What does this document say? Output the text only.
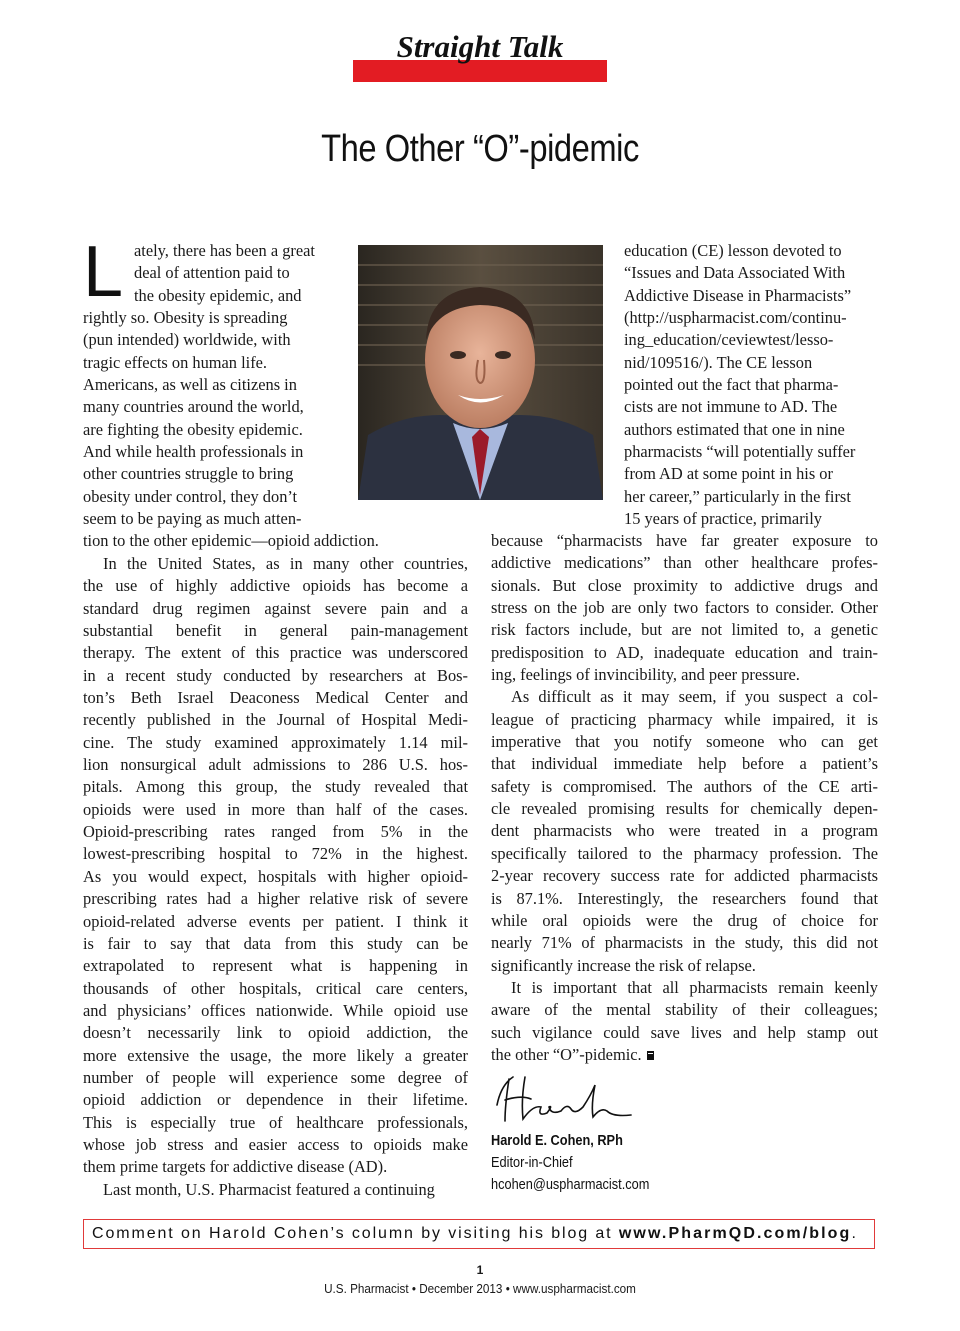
Straight Talk
The Other “O”-pidemic
L ately, there has been a great
deal of attention paid to
the obesity epidemic, and
rightly so. Obesity is spreading
(pun intended) worldwide, with
tragic effects on human life.
Americans, as well as citizens in
many countries around the world,
are fighting the obesity epidemic.
And while health professionals in
other countries struggle to bring
obesity under control, they don’t
seem to be paying as much atten-
tion to the other epidemic—opioid addiction.
In the United States, as in many other countries,
the use of highly addictive opioids has become a
standard drug regimen against severe pain and a
substantial benefit in general pain-management
therapy. The extent of this practice was underscored
in a recent study conducted by researchers at Bos-
ton’s Beth Israel Deaconess Medical Center and
recently published in the Journal of Hospital Medi-
cine. The study examined approximately 1.14 mil-
lion nonsurgical adult admissions to 286 U.S. hos-
pitals. Among this group, the study revealed that
opioids were used in more than half of the cases.
Opioid-prescribing rates ranged from 5% in the
lowest-prescribing hospital to 72% in the highest.
As you would expect, hospitals with higher opioid-
prescribing rates had a higher relative risk of severe
opioid-related adverse events per patient. I think it
is fair to say that data from this study can be
extrapolated to represent what is happening in
thousands of other hospitals, critical care centers,
and physicians’ offices nationwide. While opioid use
doesn’t necessarily link to opioid addiction, the
more extensive the usage, the more likely a greater
number of people will experience some degree of
opioid addiction or dependence in their lifetime.
This is especially true of healthcare professionals,
whose job stress and easier access to opioids make
them prime targets for addictive disease (AD).
Last month, U.S. Pharmacist featured a continuing
education (CE) lesson devoted to
“Issues and Data Associated With
Addictive Disease in Pharmacists”
(http://uspharmacist.com/continu-
ing_education/ceviewtest/lesso-
nid/109516/). The CE lesson
pointed out the fact that pharma-
cists are not immune to AD. The
authors estimated that one in nine
pharmacists “will potentially suffer
from AD at some point in his or
her career,” particularly in the first
15 years of practice, primarily
because “pharmacists have far greater exposure to
addictive medications” than other healthcare profes-
sionals. But close proximity to addictive drugs and
stress on the job are only two factors to consider. Other
risk factors include, but are not limited to, a genetic
predisposition to AD, inadequate education and train-
ing, feelings of invincibility, and peer pressure.
As difficult as it may seem, if you suspect a col-
league of practicing pharmacy while impaired, it is
imperative that you notify someone who can get
that individual immediate help before a patient’s
safety is compromised. The authors of the CE arti-
cle revealed promising results for chemically depen-
dent pharmacists who were treated in a program
specifically tailored to the pharmacy profession. The
2-year recovery success rate for addicted pharmacists
is 87.1%. Interestingly, the researchers found that
while oral opioids were the drug of choice for
nearly 71% of pharmacists in the study, this did not
significantly increase the risk of relapse.
It is important that all pharmacists remain keenly
aware of the mental stability of their colleagues;
such vigilance could save lives and help stamp out
the other “O”-pidemic.
Harold E. Cohen, RPh
Editor-in-Chief
hcohen@uspharmacist.com
Comment on Harold Cohen’s column by visiting his blog at www.PharmQD.com/blog.
1
U.S. Pharmacist • December 2013 • www.uspharmacist.com
